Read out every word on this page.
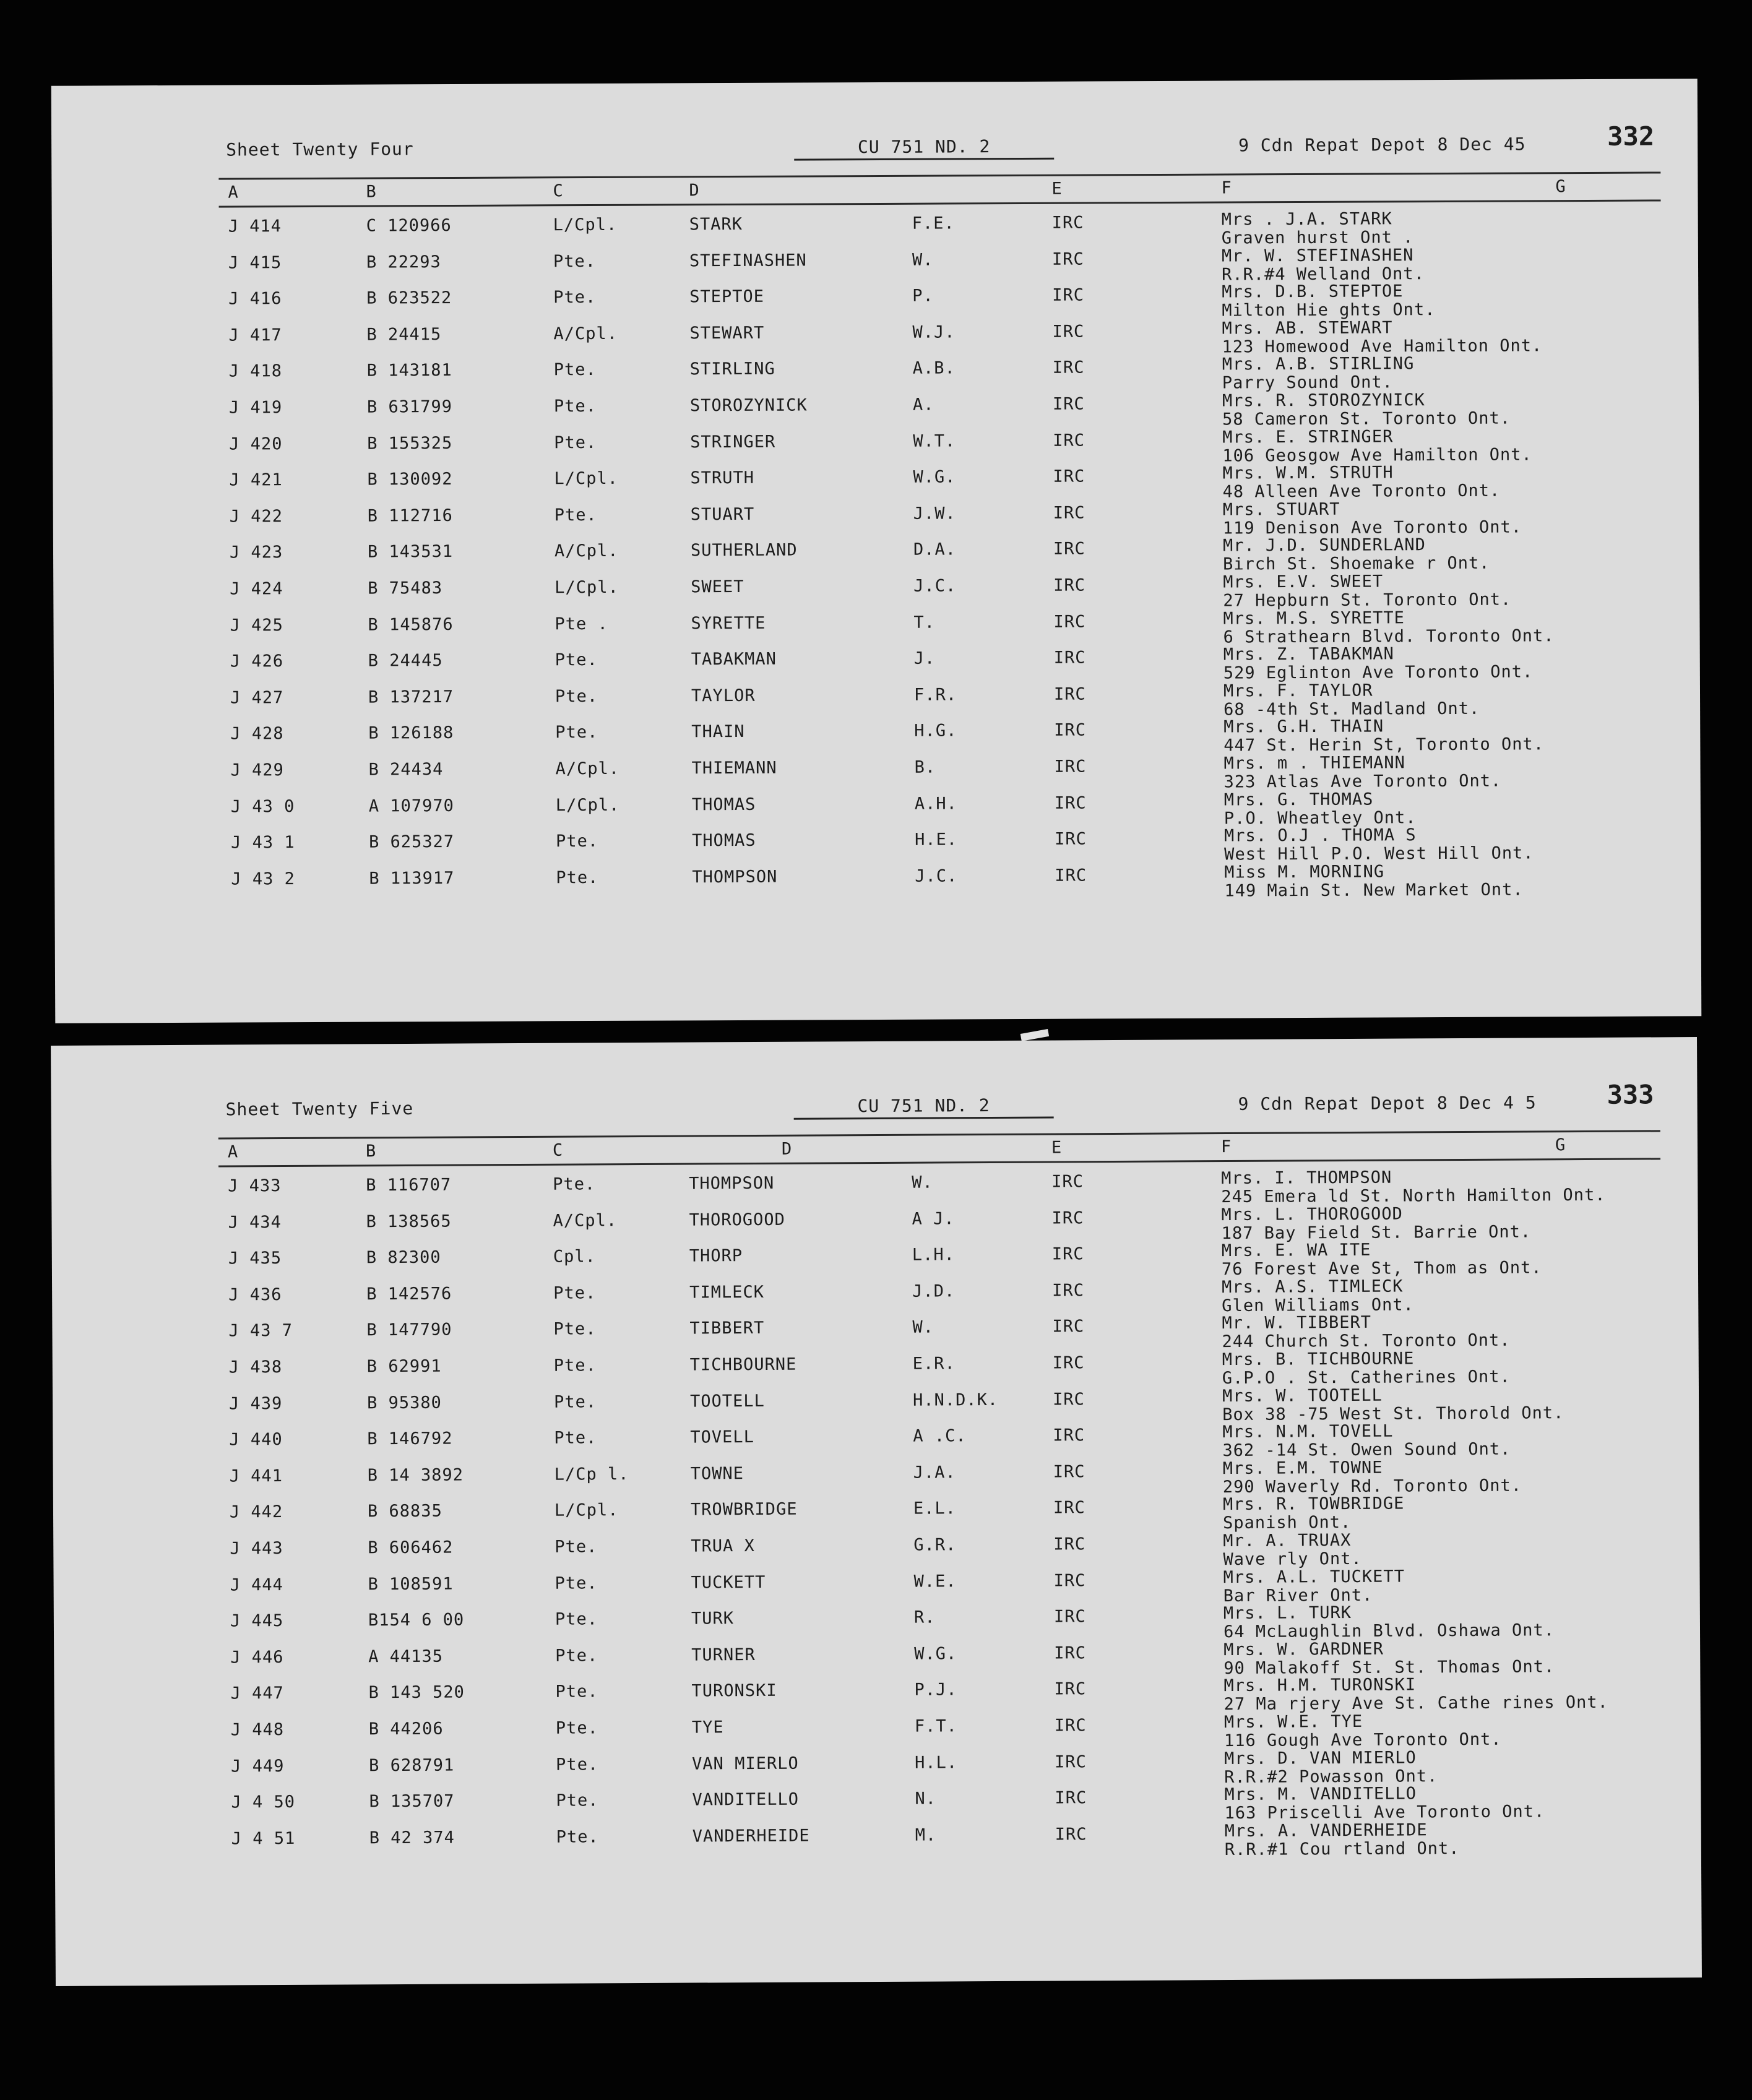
Sheet Twenty Four	CU 751 ND. 2	9 Cdn Repat Depot 8 Dec 45	332
A	B	C	D	E	F	G
J 414	C 120966	L/Cpl.	STARK	F.E.	IRC	Mrs . J.A. STARK
Graven hurst Ont .
J 415	B 22293	Pte.	STEFINASHEN	W.	IRC	Mr. W. STEFINASHEN
R.R.#4 Welland Ont.
J 416	B 623522	Pte.	STEPTOE	P.	IRC	Mrs. D.B. STEPTOE
Milton Hie ghts Ont.
J 417	B 24415	A/Cpl.	STEWART	W.J.	IRC	Mrs. AB. STEWART
123 Homewood Ave Hamilton Ont.
J 418	B 143181	Pte.	STIRLING	A.B.	IRC	Mrs. A.B. STIRLING
Parry Sound Ont.
J 419	B 631799	Pte.	STOROZYNICK	A.	IRC	Mrs. R. STOROZYNICK
58 Cameron St. Toronto Ont.
J 420	B 155325	Pte.	STRINGER	W.T.	IRC	Mrs. E. STRINGER
106 Geosgow Ave Hamilton Ont.
J 421	B 130092	L/Cpl.	STRUTH	W.G.	IRC	Mrs. W.M. STRUTH
48 Alleen Ave Toronto Ont.
J 422	B 112716	Pte.	STUART	J.W.	IRC	Mrs. STUART
119 Denison Ave Toronto Ont.
J 423	B 143531	A/Cpl.	SUTHERLAND	D.A.	IRC	Mr. J.D. SUNDERLAND
Birch St. Shoemake r Ont.
J 424	B 75483	L/Cpl.	SWEET	J.C.	IRC	Mrs. E.V. SWEET
27 Hepburn St. Toronto Ont.
J 425	B 145876	Pte .	SYRETTE	T.	IRC	Mrs. M.S. SYRETTE
6 Strathearn Blvd. Toronto Ont.
J 426	B 24445	Pte.	TABAKMAN	J.	IRC	Mrs. Z. TABAKMAN
529 Eglinton Ave Toronto Ont.
J 427	B 137217	Pte.	TAYLOR	F.R.	IRC	Mrs. F. TAYLOR
68 -4th St. Madland Ont.
J 428	B 126188	Pte.	THAIN	H.G.	IRC	Mrs. G.H. THAIN
447 St. Herin St, Toronto Ont.
J 429	B 24434	A/Cpl.	THIEMANN	B.	IRC	Mrs. m . THIEMANN
323 Atlas Ave Toronto Ont.
J 43 0	A 107970	L/Cpl.	THOMAS	A.H.	IRC	Mrs. G. THOMAS
P.O. Wheatley Ont.
J 43 1	B 625327	Pte.	THOMAS	H.E.	IRC	Mrs. O.J . THOMA S
West Hill P.O. West Hill Ont.
J 43 2	B 113917	Pte.	THOMPSON	J.C.	IRC	Miss M. MORNING
149 Main St. New Market Ont.
Sheet Twenty Five	CU 751 ND. 2	9 Cdn Repat Depot 8 Dec 4 5	333
A	B	C	D	E	F	G
J 433	B 116707	Pte.	THOMPSON	W.	IRC	Mrs. I. THOMPSON
245 Emera ld St. North Hamilton Ont.
J 434	B 138565	A/Cpl.	THOROGOOD	A J.	IRC	Mrs. L. THOROGOOD
187 Bay Field St. Barrie Ont.
J 435	B 82300	Cpl.	THORP	L.H.	IRC	Mrs. E. WA ITE
76 Forest Ave St, Thom as Ont.
J 436	B 142576	Pte.	TIMLECK	J.D.	IRC	Mrs. A.S. TIMLECK
Glen Williams Ont.
J 43 7	B 147790	Pte.	TIBBERT	W.	IRC	Mr. W. TIBBERT
244 Church St. Toronto Ont.
J 438	B 62991	Pte.	TICHBOURNE	E.R.	IRC	Mrs. B. TICHBOURNE
G.P.O . St. Catherines Ont.
J 439	B 95380	Pte.	TOOTELL	H.N.D.K.	IRC	Mrs. W. TOOTELL
Box 38 -75 West St. Thorold Ont.
J 440	B 146792	Pte.	TOVELL	A .C.	IRC	Mrs. N.M. TOVELL
362 -14 St. Owen Sound Ont.
J 441	B 14 3892	L/Cp l.	TOWNE	J.A.	IRC	Mrs. E.M. TOWNE
290 Waverly Rd. Toronto Ont.
J 442	B 68835	L/Cpl.	TROWBRIDGE	E.L.	IRC	Mrs. R. TOWBRIDGE
Spanish Ont.
J 443	B 606462	Pte.	TRUA X	G.R.	IRC	Mr. A. TRUAX
Wave rly Ont.
J 444	B 108591	Pte.	TUCKETT	W.E.	IRC	Mrs. A.L. TUCKETT
Bar River Ont.
J 445	B154 6 00	Pte.	TURK	R.	IRC	Mrs. L. TURK
64 McLaughlin Blvd. Oshawa Ont.
J 446	A 44135	Pte.	TURNER	W.G.	IRC	Mrs. W. GARDNER
90 Malakoff St. St. Thomas Ont.
J 447	B 143 520	Pte.	TURONSKI	P.J.	IRC	Mrs. H.M. TURONSKI
27 Ma rjery Ave St. Cathe rines Ont.
J 448	B 44206	Pte.	TYE	F.T.	IRC	Mrs. W.E. TYE
116 Gough Ave Toronto Ont.
J 449	B 628791	Pte.	VAN MIERLO	H.L.	IRC	Mrs. D. VAN MIERLO
R.R.#2 Powasson Ont.
J 4 50	B 135707	Pte.	VANDITELLO	N.	IRC	Mrs. M. VANDITELLO
163 Priscelli Ave Toronto Ont.
J 4 51	B 42 374	Pte.	VANDERHEIDE	M.	IRC	Mrs. A. VANDERHEIDE
R.R.#1 Cou rtland Ont.
